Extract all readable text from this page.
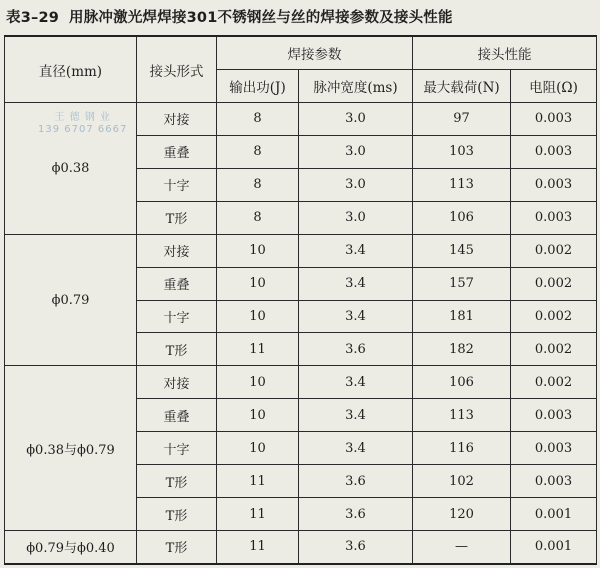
表3–29 用脉冲激光焊焊接301不锈钢丝与丝的焊接参数及接头性能
直径(mm)	接头形式	焊接参数		接头性能	
		输出功(J)	脉冲宽度(ms)	最大载荷(N)	电阻(Ω)
ϕ0.38	对接	8	3.0	97	0.003
	重叠	8	3.0	103	0.003
	十字	8	3.0	113	0.003
	T形	8	3.0	106	0.003
ϕ0.79	对接	10	3.4	145	0.002
	重叠	10	3.4	157	0.002
	十字	10	3.4	181	0.002
	T形	11	3.6	182	0.002
ϕ0.38与ϕ0.79	对接	10	3.4	106	0.002
	重叠	10	3.4	113	0.003
	十字	10	3.4	116	0.003
	T形	11	3.6	102	0.003
	T形	11	3.6	120	0.001
ϕ0.79与ϕ0.40	T形	11	3.6	—	0.001
王 德 钢 业
139 6707 6667
